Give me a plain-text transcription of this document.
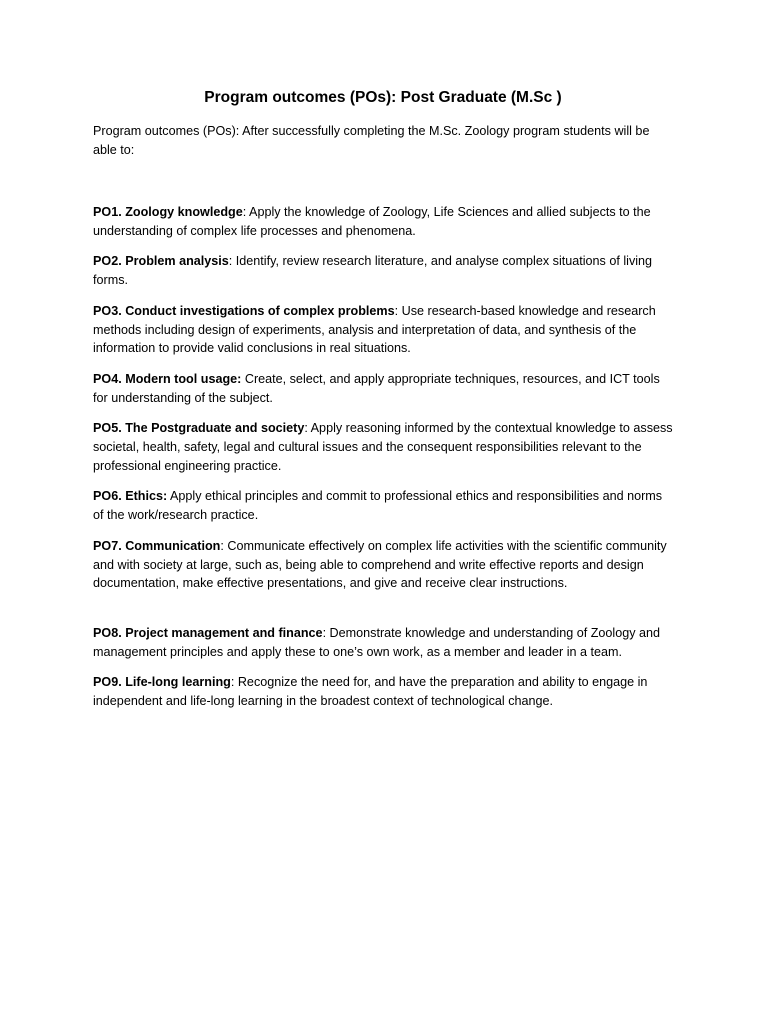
Program outcomes (POs): Post Graduate (M.Sc )

Program outcomes (POs): After successfully completing the M.Sc. Zoology program students will be able to:

PO1. Zoology knowledge: Apply the knowledge of Zoology, Life Sciences and allied subjects to the understanding of complex life processes and phenomena.
PO2. Problem analysis: Identify, review research literature, and analyse complex situations of living forms.
PO3. Conduct investigations of complex problems: Use research-based knowledge and research methods including design of experiments, analysis and interpretation of data, and synthesis of the information to provide valid conclusions in real situations.
PO4. Modern tool usage: Create, select, and apply appropriate techniques, resources, and ICT tools for understanding of the subject.
PO5. The Postgraduate and society: Apply reasoning informed by the contextual knowledge to assess societal, health, safety, legal and cultural issues and the consequent responsibilities relevant to the professional engineering practice.
PO6. Ethics: Apply ethical principles and commit to professional ethics and responsibilities and norms of the work/research practice.
PO7. Communication: Communicate effectively on complex life activities with the scientific community and with society at large, such as, being able to comprehend and write effective reports and design documentation, make effective presentations, and give and receive clear instructions.
PO8. Project management and finance: Demonstrate knowledge and understanding of Zoology and management principles and apply these to one’s own work, as a member and leader in a team.
PO9. Life-long learning: Recognize the need for, and have the preparation and ability to engage in independent and life-long learning in the broadest context of technological change.
